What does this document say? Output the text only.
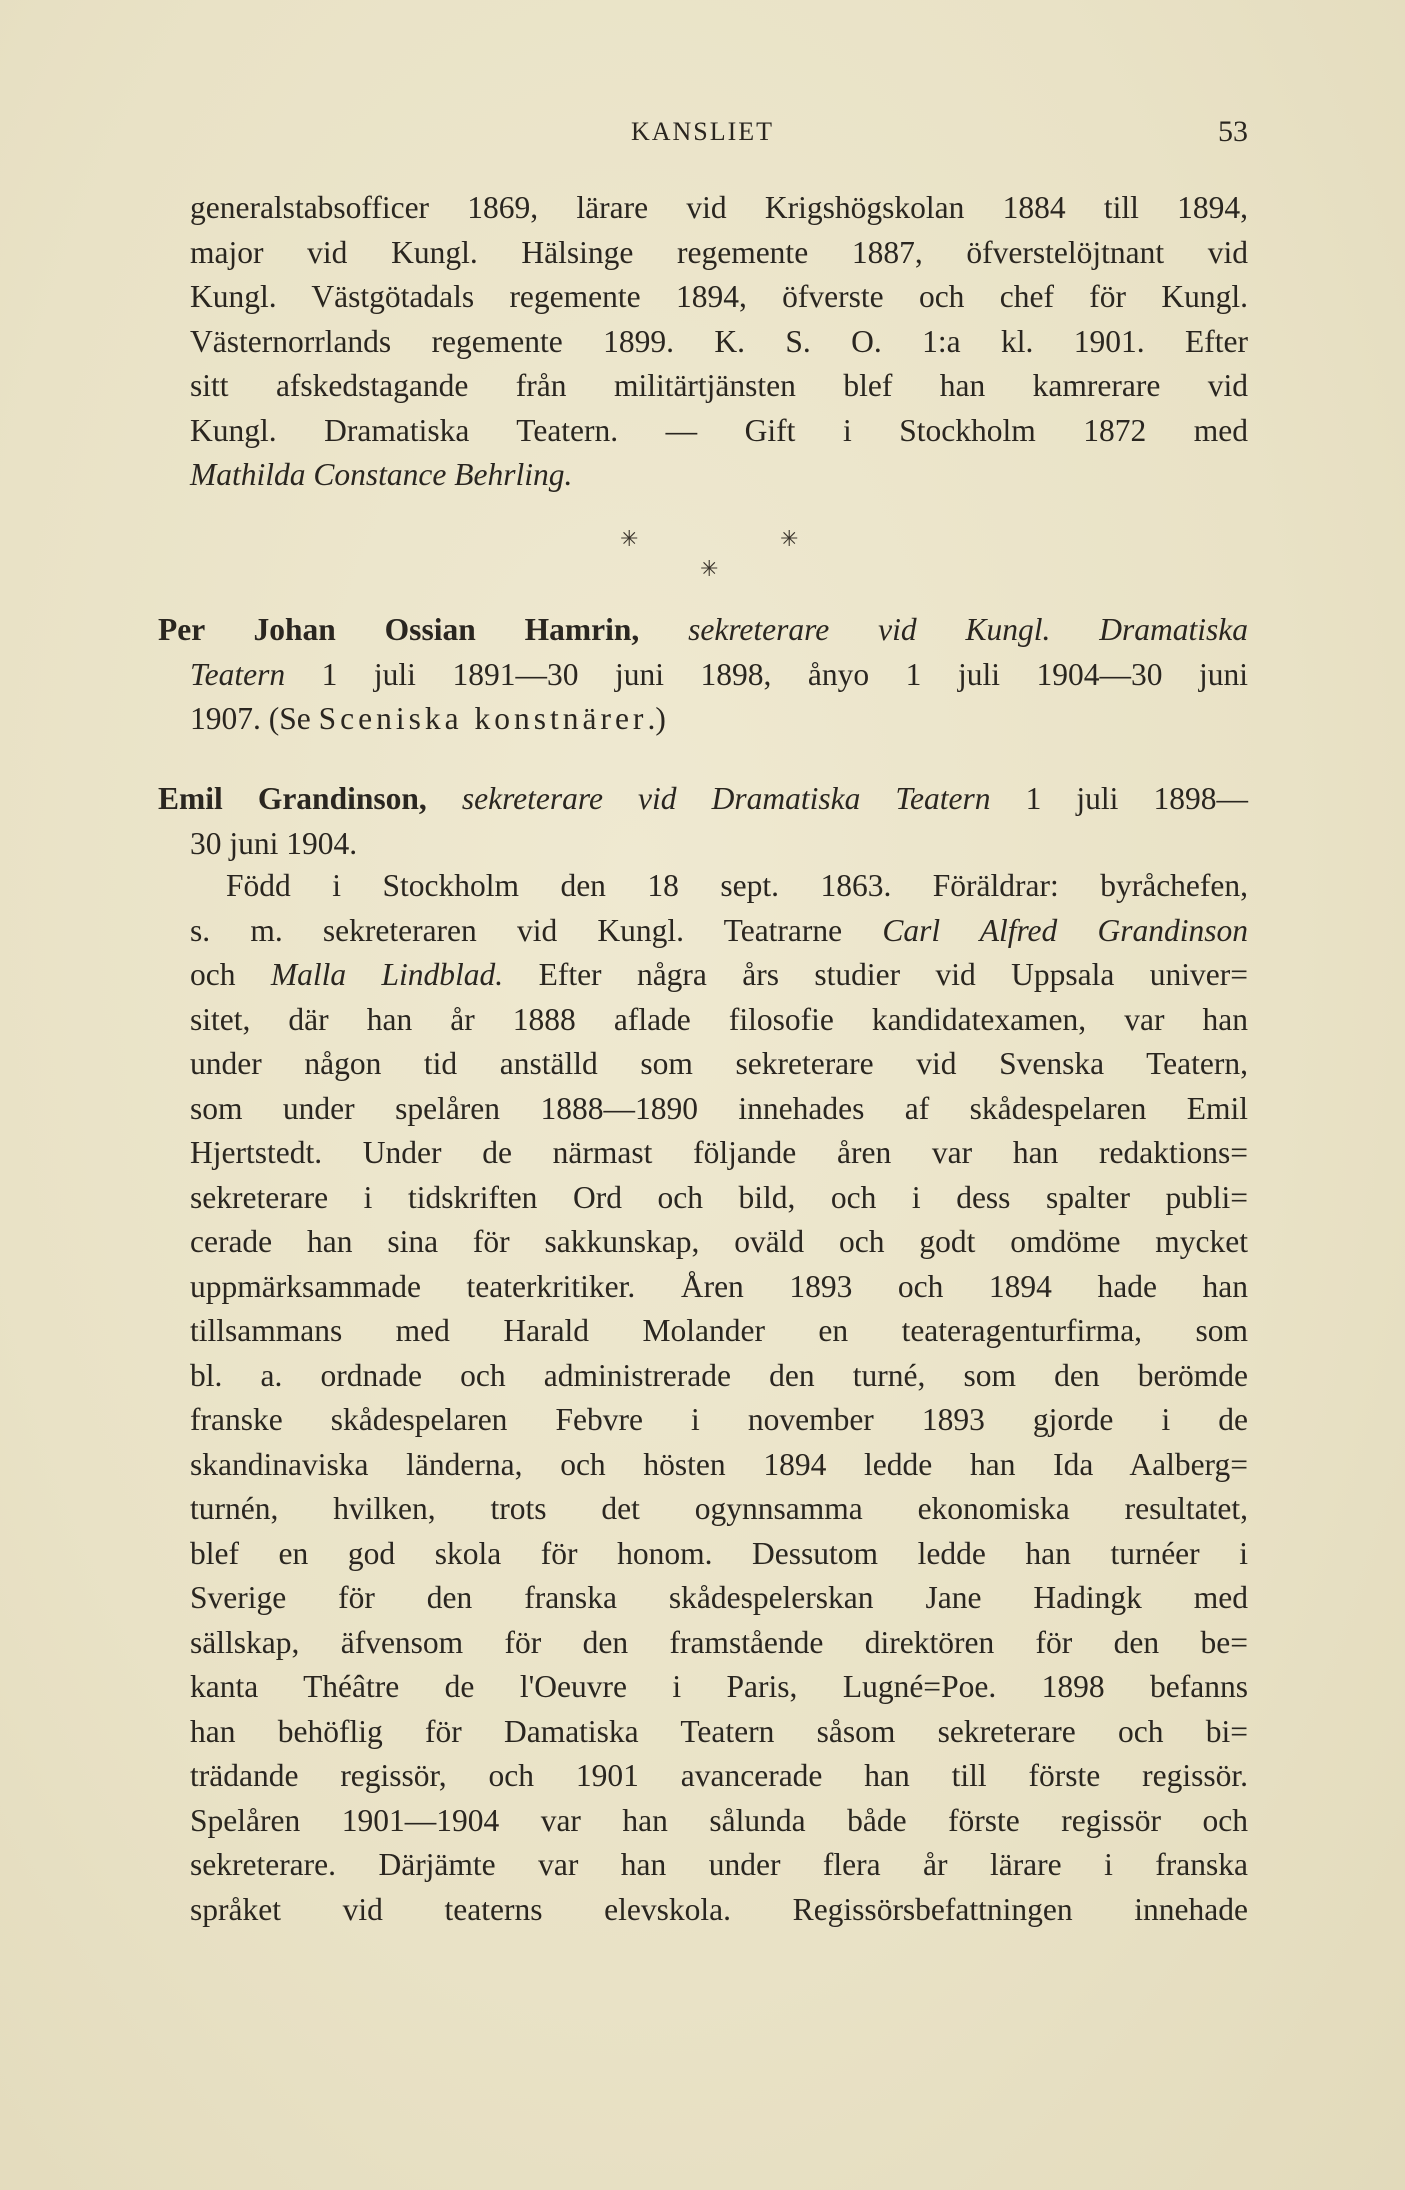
KANSLIET	53
generalstabsofficer 1869, lärare vid Krigshögskolan 1884 till 1894,
major vid Kungl. Hälsinge regemente 1887, öfverstelöjtnant vid
Kungl. Västgötadals regemente 1894, öfverste och chef för Kungl.
Västernorrlands regemente 1899. K. S. O. 1:a kl. 1901. Efter
sitt afskedstagande från militärtjänsten blef han kamrerare vid
Kungl. Dramatiska Teatern. — Gift i Stockholm 1872 med
Mathilda Constance Behrling.
✳	✳
✳
Per Johan Ossian Hamrin, sekreterare vid Kungl. Dramatiska
Teatern 1 juli 1891—30 juni 1898, ånyo 1 juli 1904—30 juni
1907. (Se Sceniska konstnärer.)
Emil Grandinson, sekreterare vid Dramatiska Teatern 1 juli 1898—
30 juni 1904.
Född i Stockholm den 18 sept. 1863. Föräldrar: byråchefen,
s. m. sekreteraren vid Kungl. Teatrarne Carl Alfred Grandinson
och Malla Lindblad. Efter några års studier vid Uppsala univer=
sitet, där han år 1888 aflade filosofie kandidatexamen, var han
under någon tid anställd som sekreterare vid Svenska Teatern,
som under spelåren 1888—1890 innehades af skådespelaren Emil
Hjertstedt. Under de närmast följande åren var han redaktions=
sekreterare i tidskriften Ord och bild, och i dess spalter publi=
cerade han sina för sakkunskap, oväld och godt omdöme mycket
uppmärksammade teaterkritiker. Åren 1893 och 1894 hade han
tillsammans med Harald Molander en teateragenturfirma, som
bl. a. ordnade och administrerade den turné, som den berömde
franske skådespelaren Febvre i november 1893 gjorde i de
skandinaviska länderna, och hösten 1894 ledde han Ida Aalberg=
turnén, hvilken, trots det ogynnsamma ekonomiska resultatet,
blef en god skola för honom. Dessutom ledde han turnéer i
Sverige för den franska skådespelerskan Jane Hadingk med
sällskap, äfvensom för den framstående direktören för den be=
kanta Théâtre de l'Oeuvre i Paris, Lugné=Poe. 1898 befanns
han behöflig för Damatiska Teatern såsom sekreterare och bi=
trädande regissör, och 1901 avancerade han till förste regissör.
Spelåren 1901—1904 var han sålunda både förste regissör och
sekreterare. Därjämte var han under flera år lärare i franska
språket vid teaterns elevskola. Regissörsbefattningen innehade
